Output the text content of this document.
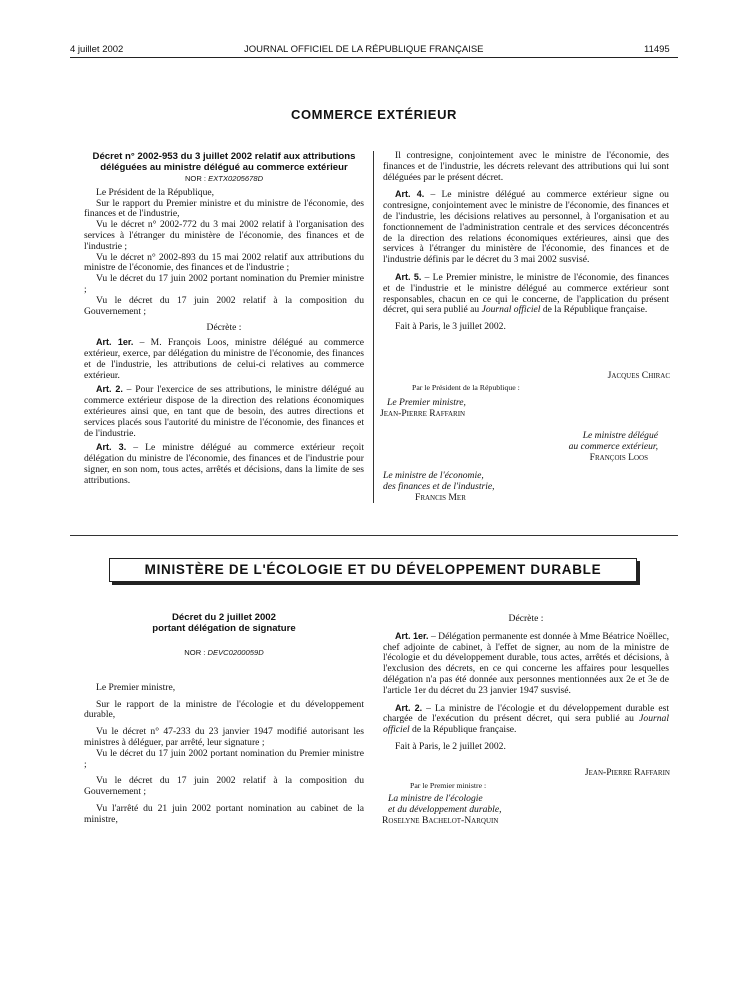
4 juillet 2002	JOURNAL OFFICIEL DE LA RÉPUBLIQUE FRANÇAISE	11495
COMMERCE EXTÉRIEUR
Décret n° 2002-953 du 3 juillet 2002 relatif aux attributions déléguées au ministre délégué au commerce extérieur
NOR : EXTX0205678D

Le Président de la République,

Sur le rapport du Premier ministre et du ministre de l'économie, des finances et de l'industrie,

Vu le décret n° 2002-772 du 3 mai 2002 relatif à l'organisation des services à l'étranger du ministère de l'économie, des finances et de l'industrie ;

Vu le décret n° 2002-893 du 15 mai 2002 relatif aux attributions du ministre de l'économie, des finances et de l'industrie ;

Vu le décret du 17 juin 2002 portant nomination du Premier ministre ;

Vu le décret du 17 juin 2002 relatif à la composition du Gouvernement ;

Décrète :

Art. 1er. – M. François Loos, ministre délégué au commerce extérieur, exerce, par délégation du ministre de l'économie, des finances et de l'industrie, les attributions de celui-ci relatives au commerce extérieur.

Art. 2. – Pour l'exercice de ses attributions, le ministre délégué au commerce extérieur dispose de la direction des relations économiques extérieures ainsi que, en tant que de besoin, des autres directions et services placés sous l'autorité du ministre de l'économie, des finances et de l'industrie.

Art. 3. – Le ministre délégué au commerce extérieur reçoit délégation du ministre de l'économie, des finances et de l'industrie pour signer, en son nom, tous actes, arrêtés et décisions, dans la limite de ses attributions.

Il contresigne, conjointement avec le ministre de l'économie, des finances et de l'industrie, les décrets relevant des attributions qui lui sont déléguées par le présent décret.

Art. 4. – Le ministre délégué au commerce extérieur signe ou contresigne, conjointement avec le ministre de l'économie, des finances et de l'industrie, les décisions relatives au personnel, à l'organisation et au fonctionnement de l'administration centrale et des services déconcentrés de la direction des relations économiques extérieures, ainsi que des services à l'étranger du ministère de l'économie, des finances et de l'industrie définis par le décret du 3 mai 2002 susvisé.

Art. 5. – Le Premier ministre, le ministre de l'économie, des finances et de l'industrie et le ministre délégué au commerce extérieur sont responsables, chacun en ce qui le concerne, de l'application du présent décret, qui sera publié au Journal officiel de la République française.

Fait à Paris, le 3 juillet 2002.

Jacques Chirac
Par le Président de la République :
Le Premier ministre,
Jean-Pierre Raffarin
Le ministre délégué
au commerce extérieur,
François Loos
Le ministre de l'économie,
des finances et de l'industrie,
Francis Mer
MINISTÈRE DE L'ÉCOLOGIE ET DU DÉVELOPPEMENT DURABLE
Décret du 2 juillet 2002
portant délégation de signature
NOR : DEVC0200059D

Le Premier ministre,

Sur le rapport de la ministre de l'écologie et du développement durable,

Vu le décret n° 47-233 du 23 janvier 1947 modifié autorisant les ministres à déléguer, par arrêté, leur signature ;

Vu le décret du 17 juin 2002 portant nomination du Premier ministre ;

Vu le décret du 17 juin 2002 relatif à la composition du Gouvernement ;

Vu l'arrêté du 21 juin 2002 portant nomination au cabinet de la ministre,

Décrète :

Art. 1er. – Délégation permanente est donnée à Mme Béatrice Noëllec, chef adjointe de cabinet, à l'effet de signer, au nom de la ministre de l'écologie et du développement durable, tous actes, arrêtés et décisions, à l'exclusion des décrets, en ce qui concerne les affaires pour lesquelles délégation n'a pas été donnée aux personnes mentionnées aux 2e et 3e de l'article 1er du décret du 23 janvier 1947 susvisé.

Art. 2. – La ministre de l'écologie et du développement durable est chargée de l'exécution du présent décret, qui sera publié au Journal officiel de la République française.

Fait à Paris, le 2 juillet 2002.

Jean-Pierre Raffarin
Par le Premier ministre :
La ministre de l'écologie
et du développement durable,
Roselyne Bachelot-Narquin
